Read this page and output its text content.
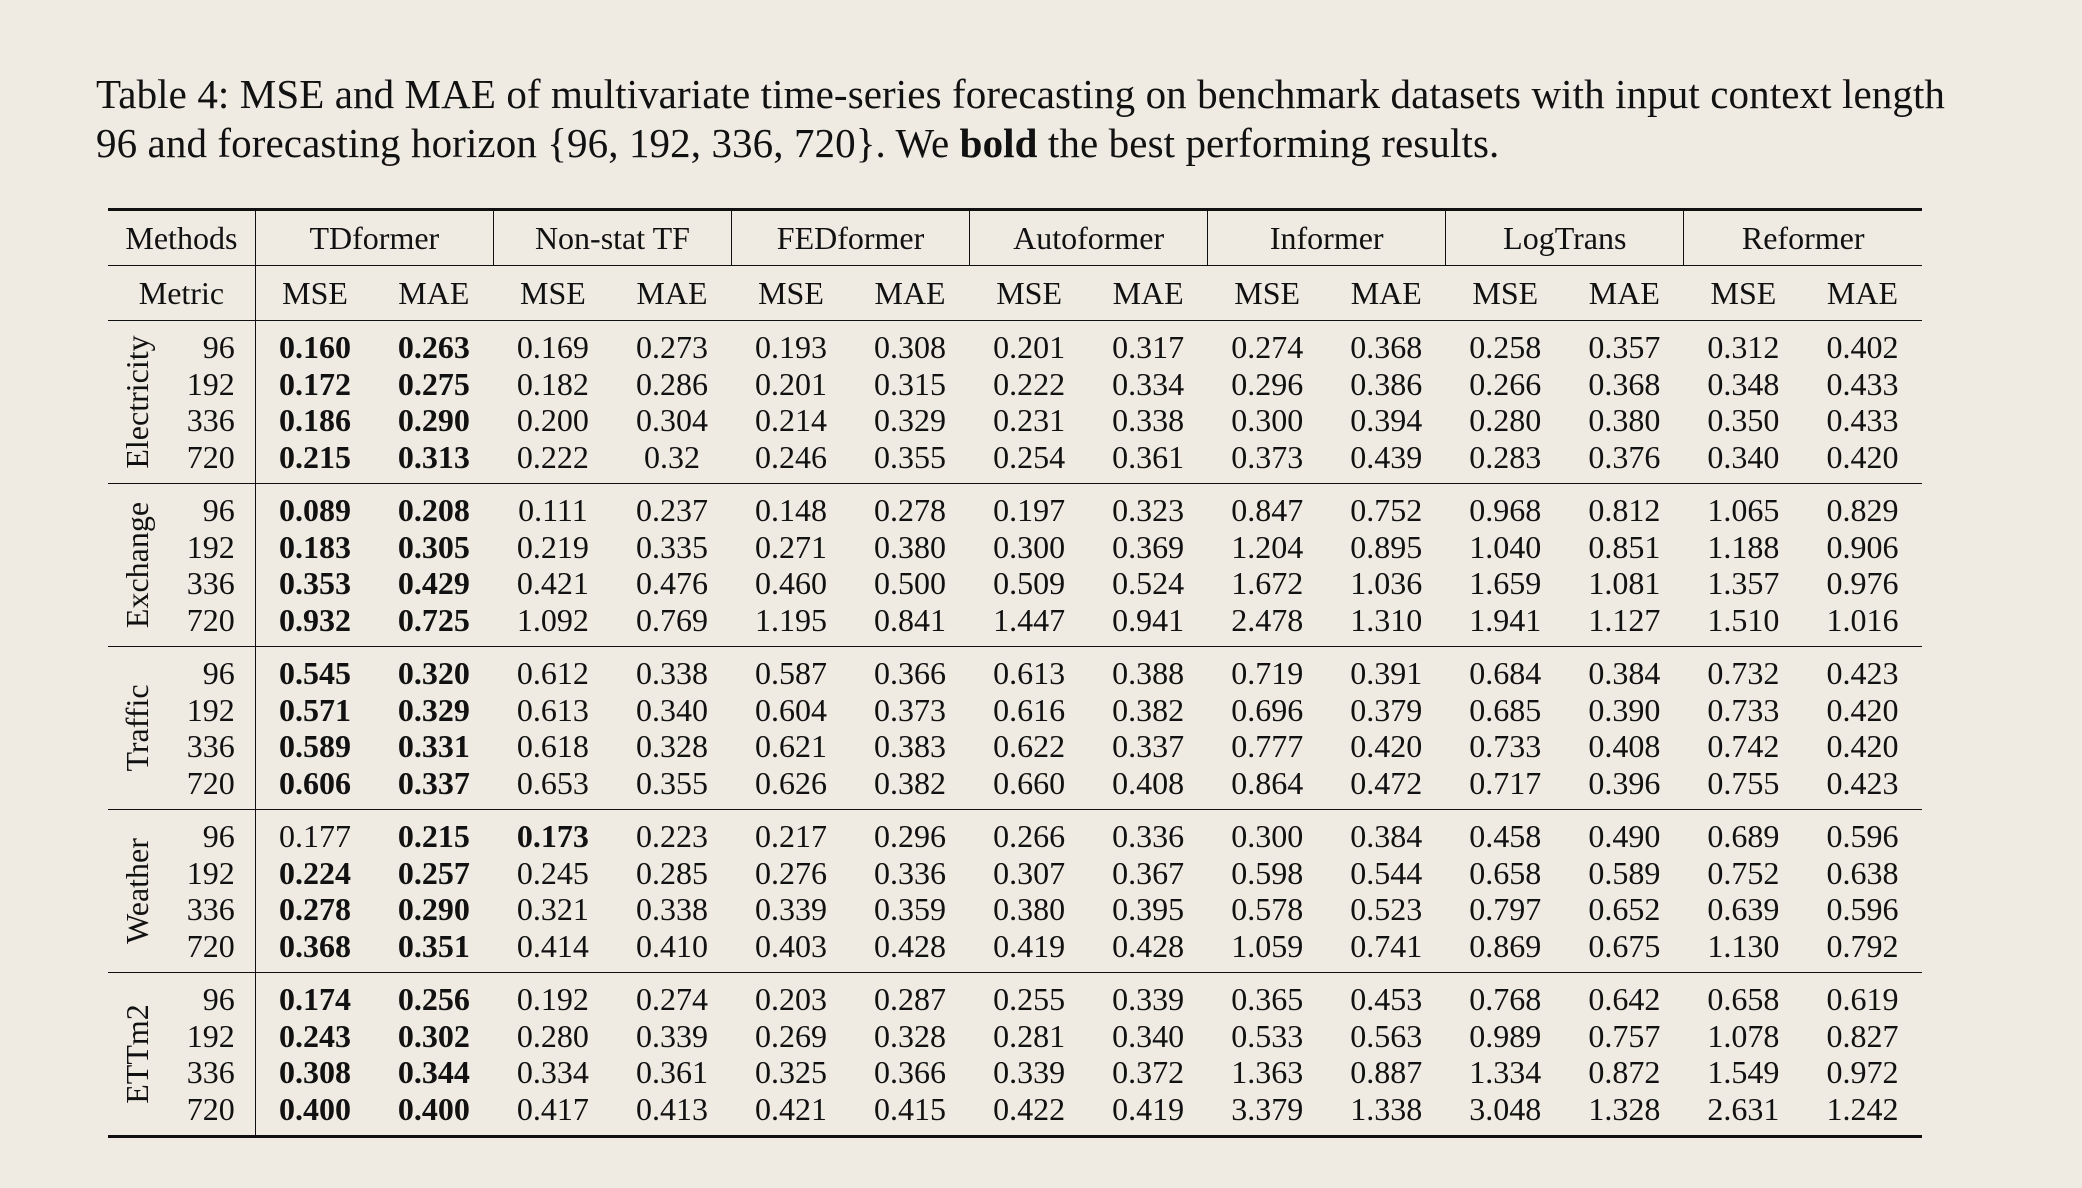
Table 4: MSE and MAE of multivariate time-series forecasting on benchmark datasets with input context length 96 and forecasting horizon {96, 192, 336, 720}. We bold the best performing results.
Methods		TDformer		Non-stat TF		FEDformer		Autoformer		Informer		LogTrans		Reformer	
Metric		MSE	MAE	MSE	MAE	MSE	MAE	MSE	MAE	MSE	MAE	MSE	MAE	MSE	MAE

Electricity	96	0.160	0.263	0.169	0.273	0.193	0.308	0.201	0.317	0.274	0.368	0.258	0.357	0.312	0.402
	192	0.172	0.275	0.182	0.286	0.201	0.315	0.222	0.334	0.296	0.386	0.266	0.368	0.348	0.433
	336	0.186	0.290	0.200	0.304	0.214	0.329	0.231	0.338	0.300	0.394	0.280	0.380	0.350	0.433
	720	0.215	0.313	0.222	0.32	0.246	0.355	0.254	0.361	0.373	0.439	0.283	0.376	0.340	0.420

Exchange	96	0.089	0.208	0.111	0.237	0.148	0.278	0.197	0.323	0.847	0.752	0.968	0.812	1.065	0.829
	192	0.183	0.305	0.219	0.335	0.271	0.380	0.300	0.369	1.204	0.895	1.040	0.851	1.188	0.906
	336	0.353	0.429	0.421	0.476	0.460	0.500	0.509	0.524	1.672	1.036	1.659	1.081	1.357	0.976
	720	0.932	0.725	1.092	0.769	1.195	0.841	1.447	0.941	2.478	1.310	1.941	1.127	1.510	1.016

Traffic	96	0.545	0.320	0.612	0.338	0.587	0.366	0.613	0.388	0.719	0.391	0.684	0.384	0.732	0.423
	192	0.571	0.329	0.613	0.340	0.604	0.373	0.616	0.382	0.696	0.379	0.685	0.390	0.733	0.420
	336	0.589	0.331	0.618	0.328	0.621	0.383	0.622	0.337	0.777	0.420	0.733	0.408	0.742	0.420
	720	0.606	0.337	0.653	0.355	0.626	0.382	0.660	0.408	0.864	0.472	0.717	0.396	0.755	0.423

Weather	96	0.177	0.215	0.173	0.223	0.217	0.296	0.266	0.336	0.300	0.384	0.458	0.490	0.689	0.596
	192	0.224	0.257	0.245	0.285	0.276	0.336	0.307	0.367	0.598	0.544	0.658	0.589	0.752	0.638
	336	0.278	0.290	0.321	0.338	0.339	0.359	0.380	0.395	0.578	0.523	0.797	0.652	0.639	0.596
	720	0.368	0.351	0.414	0.410	0.403	0.428	0.419	0.428	1.059	0.741	0.869	0.675	1.130	0.792

ETTm2	96	0.174	0.256	0.192	0.274	0.203	0.287	0.255	0.339	0.365	0.453	0.768	0.642	0.658	0.619
	192	0.243	0.302	0.280	0.339	0.269	0.328	0.281	0.340	0.533	0.563	0.989	0.757	1.078	0.827
	336	0.308	0.344	0.334	0.361	0.325	0.366	0.339	0.372	1.363	0.887	1.334	0.872	1.549	0.972
	720	0.400	0.400	0.417	0.413	0.421	0.415	0.422	0.419	3.379	1.338	3.048	1.328	2.631	1.242
